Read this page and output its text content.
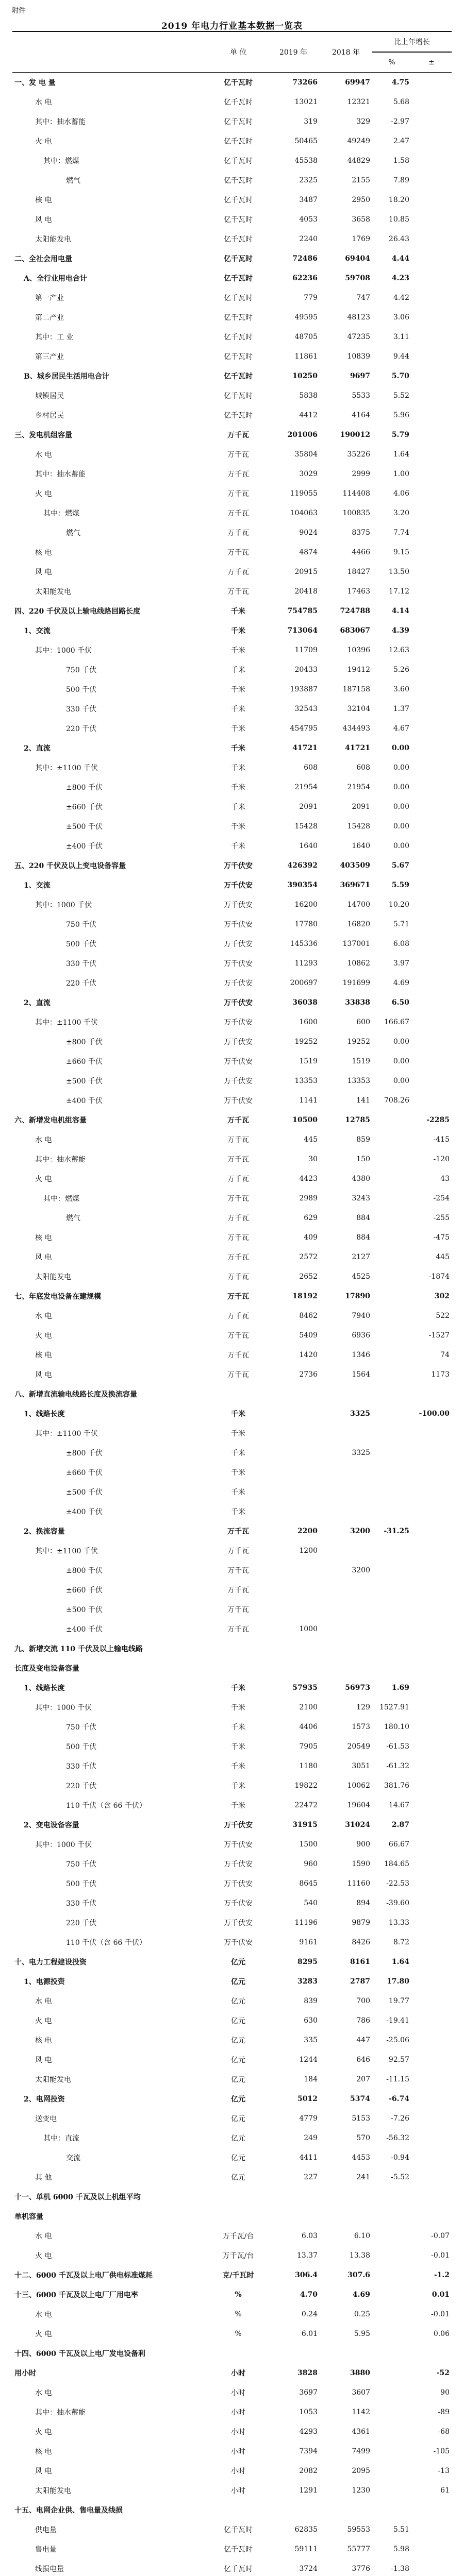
附件
2019 年电力行业基本数据一览表
	单 位	2019 年	2018 年	比上年增长	
				%	±
一、发 电 量	亿千瓦时	73266	69947	4.75	
水 电	亿千瓦时	13021	12321	5.68	
其中：抽水蓄能	亿千瓦时	319	329	-2.97	
火 电	亿千瓦时	50465	49249	2.47	
其中：燃煤	亿千瓦时	45538	44829	1.58	
燃气	亿千瓦时	2325	2155	7.89	
核 电	亿千瓦时	3487	2950	18.20	
风 电	亿千瓦时	4053	3658	10.85	
太阳能发电	亿千瓦时	2240	1769	26.43	
二、全社会用电量	亿千瓦时	72486	69404	4.44	
A、全行业用电合计	亿千瓦时	62236	59708	4.23	
第一产业	亿千瓦时	779	747	4.42	
第二产业	亿千瓦时	49595	48123	3.06	
其中：工 业	亿千瓦时	48705	47235	3.11	
第三产业	亿千瓦时	11861	10839	9.44	
B、城乡居民生活用电合计	亿千瓦时	10250	9697	5.70	
城镇居民	亿千瓦时	5838	5533	5.52	
乡村居民	亿千瓦时	4412	4164	5.96	
三、发电机组容量	万千瓦	201006	190012	5.79	
水 电	万千瓦	35804	35226	1.64	
其中：抽水蓄能	万千瓦	3029	2999	1.00	
火 电	万千瓦	119055	114408	4.06	
其中：燃煤	万千瓦	104063	100835	3.20	
燃气	万千瓦	9024	8375	7.74	
核 电	万千瓦	4874	4466	9.15	
风 电	万千瓦	20915	18427	13.50	
太阳能发电	万千瓦	20418	17463	17.12	
四、220 千伏及以上输电线路回路长度	千米	754785	724788	4.14	
1、交流	千米	713064	683067	4.39	
其中：1000 千伏	千米	11709	10396	12.63	
750 千伏	千米	20433	19412	5.26	
500 千伏	千米	193887	187158	3.60	
330 千伏	千米	32543	32104	1.37	
220 千伏	千米	454795	434493	4.67	
2、直流	千米	41721	41721	0.00	
其中：±1100 千伏	千米	608	608	0.00	
±800 千伏	千米	21954	21954	0.00	
±660 千伏	千米	2091	2091	0.00	
±500 千伏	千米	15428	15428	0.00	
±400 千伏	千米	1640	1640	0.00	
五、220 千伏及以上变电设备容量	万千伏安	426392	403509	5.67	
1、交流	万千伏安	390354	369671	5.59	
其中：1000 千伏	万千伏安	16200	14700	10.20	
750 千伏	万千伏安	17780	16820	5.71	
500 千伏	万千伏安	145336	137001	6.08	
330 千伏	万千伏安	11293	10862	3.97	
220 千伏	万千伏安	200697	191699	4.69	
2、直流	万千伏安	36038	33838	6.50	
其中：±1100 千伏	万千伏安	1600	600	166.67	
±800 千伏	万千伏安	19252	19252	0.00	
±660 千伏	万千伏安	1519	1519	0.00	
±500 千伏	万千伏安	13353	13353	0.00	
±400 千伏	万千伏安	1141	141	708.26	
六、新增发电机组容量	万千瓦	10500	12785		-2285
水 电	万千瓦	445	859		-415
其中：抽水蓄能	万千瓦	30	150		-120
火 电	万千瓦	4423	4380		43
其中：燃煤	万千瓦	2989	3243		-254
燃气	万千瓦	629	884		-255
核 电	万千瓦	409	884		-475
风 电	万千瓦	2572	2127		445
太阳能发电	万千瓦	2652	4525		-1874
七、年底发电设备在建规模	万千瓦	18192	17890		302
水 电	万千瓦	8462	7940		522
火 电	万千瓦	5409	6936		-1527
核 电	万千瓦	1420	1346		74
风 电	万千瓦	2736	1564		1173
八、新增直流输电线路长度及换流容量					
1、线路长度	千米		3325		-100.00
其中：±1100 千伏	千米				
±800 千伏	千米		3325		
±660 千伏	千米				
±500 千伏	千米				
±400 千伏	千米				
2、换流容量	万千瓦	2200	3200	-31.25	
其中：±1100 千伏	万千瓦	1200			
±800 千伏	万千瓦		3200		
±660 千伏	万千瓦				
±500 千伏	万千瓦				
±400 千伏	万千瓦	1000			
九、新增交流 110 千伏及以上输电线路					
长度及变电设备容量					
1、线路长度	千米	57935	56973	1.69	
其中：1000 千伏	千米	2100	129	1527.91	
750 千伏	千米	4406	1573	180.10	
500 千伏	千米	7905	20549	-61.53	
330 千伏	千米	1180	3051	-61.32	
220 千伏	千米	19822	10062	381.76	
110 千伏（含 66 千伏）	千米	22472	19604	14.67	
2、变电设备容量	万千伏安	31915	31024	2.87	
其中：1000 千伏	万千伏安	1500	900	66.67	
750 千伏	万千伏安	960	1590	184.65	
500 千伏	万千伏安	8645	11160	-22.53	
330 千伏	万千伏安	540	894	-39.60	
220 千伏	万千伏安	11196	9879	13.33	
110 千伏（含 66 千伏）	万千伏安	9161	8426	8.72	
十、电力工程建设投资	亿元	8295	8161	1.64	
1、电源投资	亿元	3283	2787	17.80	
水 电	亿元	839	700	19.77	
火 电	亿元	630	786	-19.41	
核 电	亿元	335	447	-25.06	
风 电	亿元	1244	646	92.57	
太阳能发电	亿元	184	207	-11.15	
2、电网投资	亿元	5012	5374	-6.74	
送变电	亿元	4779	5153	-7.26	
其中：直流	亿元	249	570	-56.32	
交流	亿元	4411	4453	-0.94	
其 他	亿元	227	241	-5.52	
十一、单机 6000 千瓦及以上机组平均					
单机容量					
水 电	万千瓦/台	6.03	6.10		-0.07
火 电	万千瓦/台	13.37	13.38		-0.01
十二、6000 千瓦及以上电厂供电标准煤耗	克/千瓦时	306.4	307.6		-1.2
十三、6000 千瓦及以上电厂厂用电率	%	4.70	4.69		0.01
水 电	%	0.24	0.25		-0.01
火 电	%	6.01	5.95		0.06
十四、6000 千瓦及以上电厂发电设备利					
用小时	小时	3828	3880		-52
水 电	小时	3697	3607		90
其中：抽水蓄能	小时	1053	1142		-89
火 电	小时	4293	4361		-68
核 电	小时	7394	7499		-105
风 电	小时	2082	2095		-13
太阳能发电	小时	1291	1230		61
十五、电网企业供、售电量及线损					
供电量	亿千瓦时	62835	59553	5.51	
售电量	亿千瓦时	59111	55777	5.98	
线损电量	亿千瓦时	3724	3776	-1.38	
